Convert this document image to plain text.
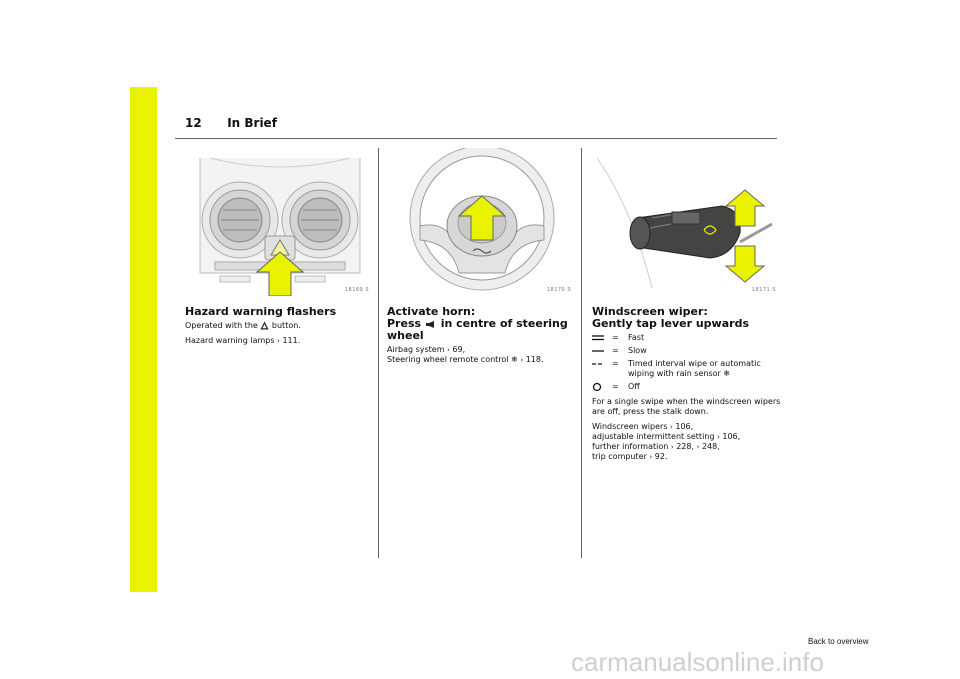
12 In Brief
18169 S
Hazard warning flashers
Operated with the button.
Hazard warning lamps › 111.
18170 S
Activate horn:
Press in centre of steering wheel
Airbag system › 69,
Steering wheel remote control ❄ › 118.
18171 S
Windscreen wiper:
Gently tap lever upwards
=	Fast
=	Slow
=	Timed interval wipe or automatic wiping with rain sensor ❄
=	Off
For a single swipe when the windscreen wipers are off, press the stalk down.
Windscreen wipers › 106,
adjustable intermittent setting › 106,
further information › 228, › 248,
trip computer › 92.
Back to overview
carmanualsonline.info
